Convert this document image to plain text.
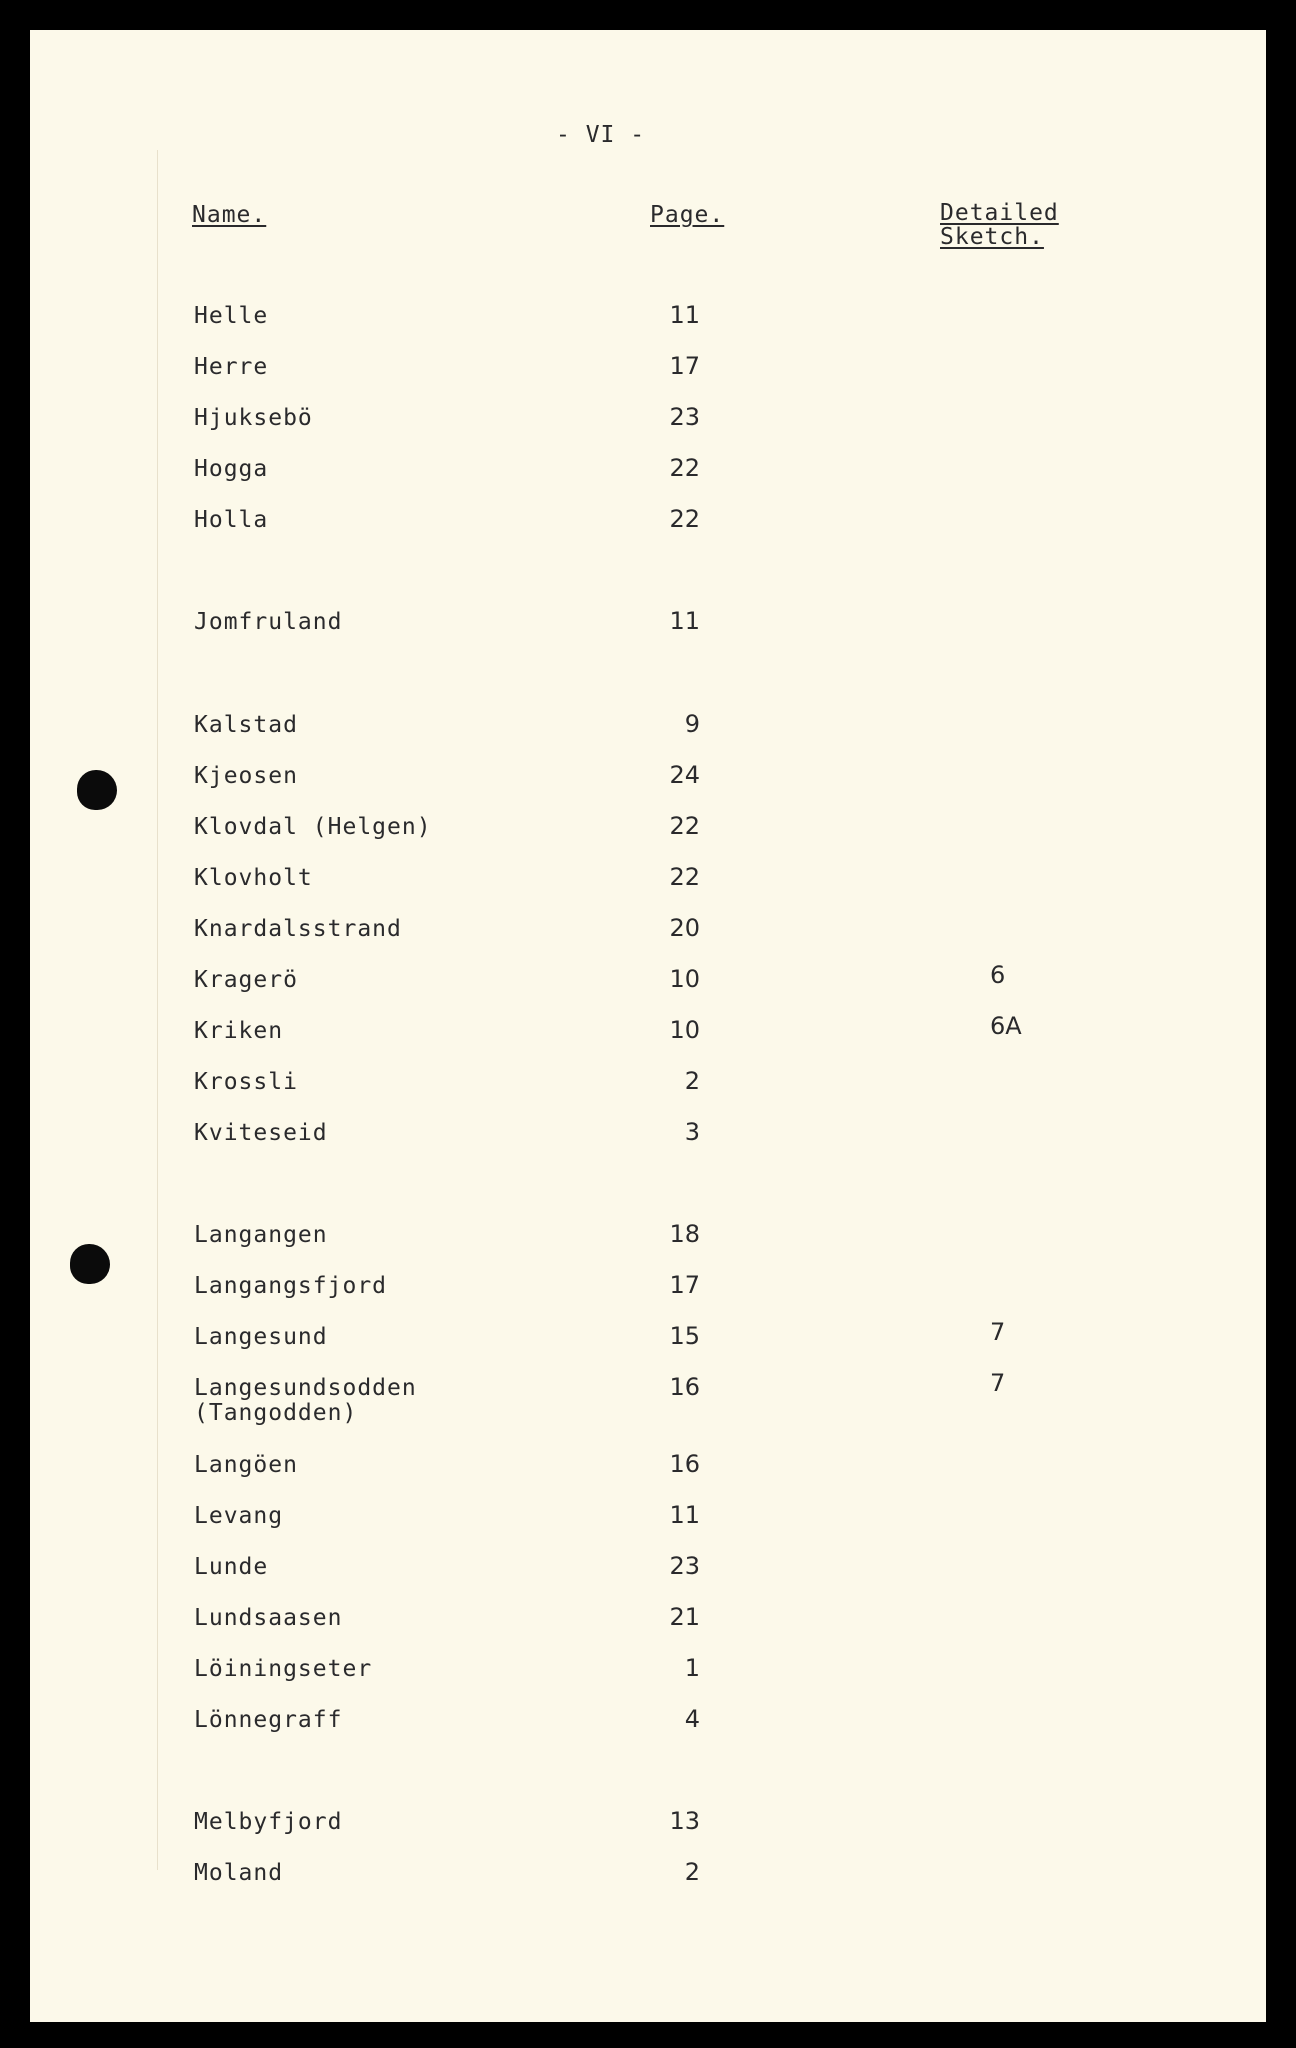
- VI -
Name.	Page.	Detailed
Sketch.
Helle	11
Herre	17
Hjuksebö	23
Hogga	22
Holla	22
Jomfruland	11
Kalstad	9
Kjeosen	24
Klovdal (Helgen)	22
Klovholt	22
Knardalsstrand	20
Kragerö	10	6
Kriken	10	6A
Krossli	2
Kviteseid	3
Langangen	18
Langangsfjord	17
Langesund	15	7
Langesundsodden
(Tangodden)
16	7
Langöen	16
Levang	11
Lunde	23
Lundsaasen	21
Löiningseter	1
Lönnegraff	4
Melbyfjord	13
Moland	2
